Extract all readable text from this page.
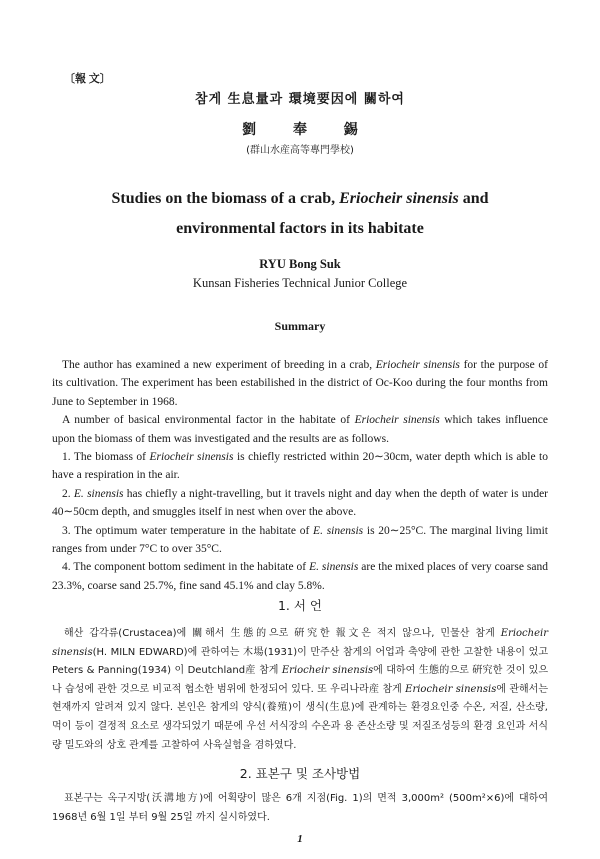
〔報 文〕
참게 生息量과 環境要因에 關하여
劉 奉 錫
(群山水産高等專門學校)
Studies on the biomass of a crab, Eriocheir sinensis and
environmental factors in its habitate
RYU Bong Suk
Kunsan Fisheries Technical Junior College
Summary

The author has examined a new experiment of breeding in a crab, Eriocheir sinensis for the purpose of its cultivation. The experiment has been estabilished in the district of Oc-Koo during the four months from June to September in 1968.

A number of basical environmental factor in the habitate of Eriocheir sinensis which takes influence upon the biomass of them was investigated and the results are as follows.

1. The biomass of Eriocheir sinensis is chiefly restricted within 20∼30cm, water depth which is able to have a respiration in the air.

2. E. sinensis has chiefly a night-travelling, but it travels night and day when the depth of water is under 40∼50cm depth, and smuggles itself in nest when over the above.

3. The optimum water temperature in the habitate of E. sinensis is 20∼25°C. The marginal living limit ranges from under 7°C to over 35°C.

4. The component bottom sediment in the habitate of E. sinensis are the mixed places of very coarse sand 23.3%, coarse sand 25.7%, fine sand 45.1% and clay 5.8%.

1. 서 언

해산 갑각류(Crustacea)에 關해서 生態的으로 硏究한 報文은 적지 않으나, 민물산 참게 Eriocheir sinensis(H. MILN EDWARD)에 관하여는 木場(1931)이 만주산 참게의 어업과 축양에 관한 고찰한 내용이 었고 Peters & Panning(1934) 이 Deutchland産 참게 Eriocheir sinensis에 대하여 生態的으로 硏究한 것이 있으나 습성에 관한 것으로 비교적 협소한 범위에 한정되어 있다. 또 우리나라産 참게 Eriocheir sinensis에 관해서는 현재까지 알려져 있지 않다. 본인은 참게의 양식(養殖)이 생식(生息)에 관계하는 환경요인중 수온, 저질, 산소량, 먹이 등이 결정적 요소로 생각되었기 때문에 우선 서식장의 수온과 용 존산소량 및 저질조성등의 환경 요인과 서식량 밀도와의 상호 관계를 고찰하여 사육실험을 겸하였다.

2. 표본구 및 조사방법

표본구는 옥구지방(沃溝地方)에 어획량이 많은 6개 지점(Fig. 1)의 면적 3,000m² (500m²×6)에 대하여 1968년 6월 1일 부터 9월 25일 까지 실시하였다.

1
